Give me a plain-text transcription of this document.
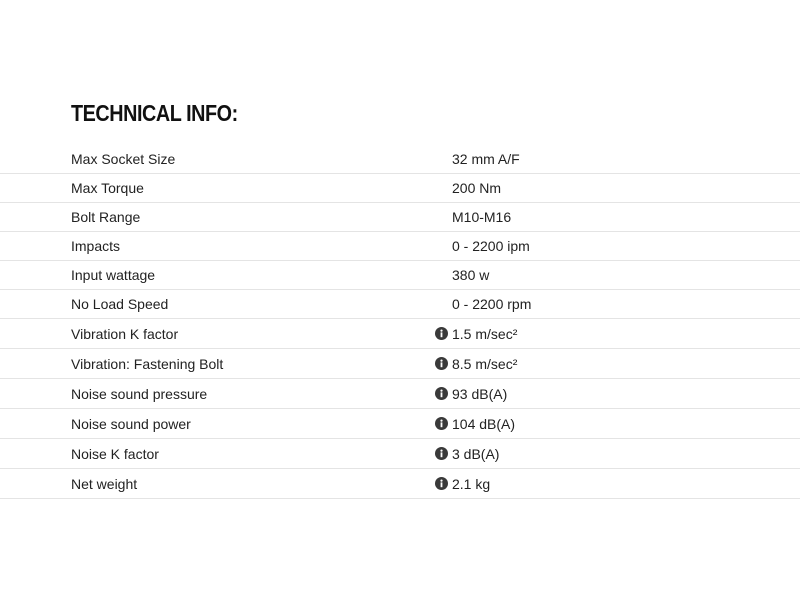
TECHNICAL INFO:
Max Socket Size	32 mm A/F
Max Torque	200 Nm
Bolt Range	M10-M16
Impacts	0 - 2200 ipm
Input wattage	380 w
No Load Speed	0 - 2200 rpm
Vibration K factor	1.5 m/sec²
Vibration: Fastening Bolt	8.5 m/sec²
Noise sound pressure	93 dB(A)
Noise sound power	104 dB(A)
Noise K factor	3 dB(A)
Net weight	2.1 kg
